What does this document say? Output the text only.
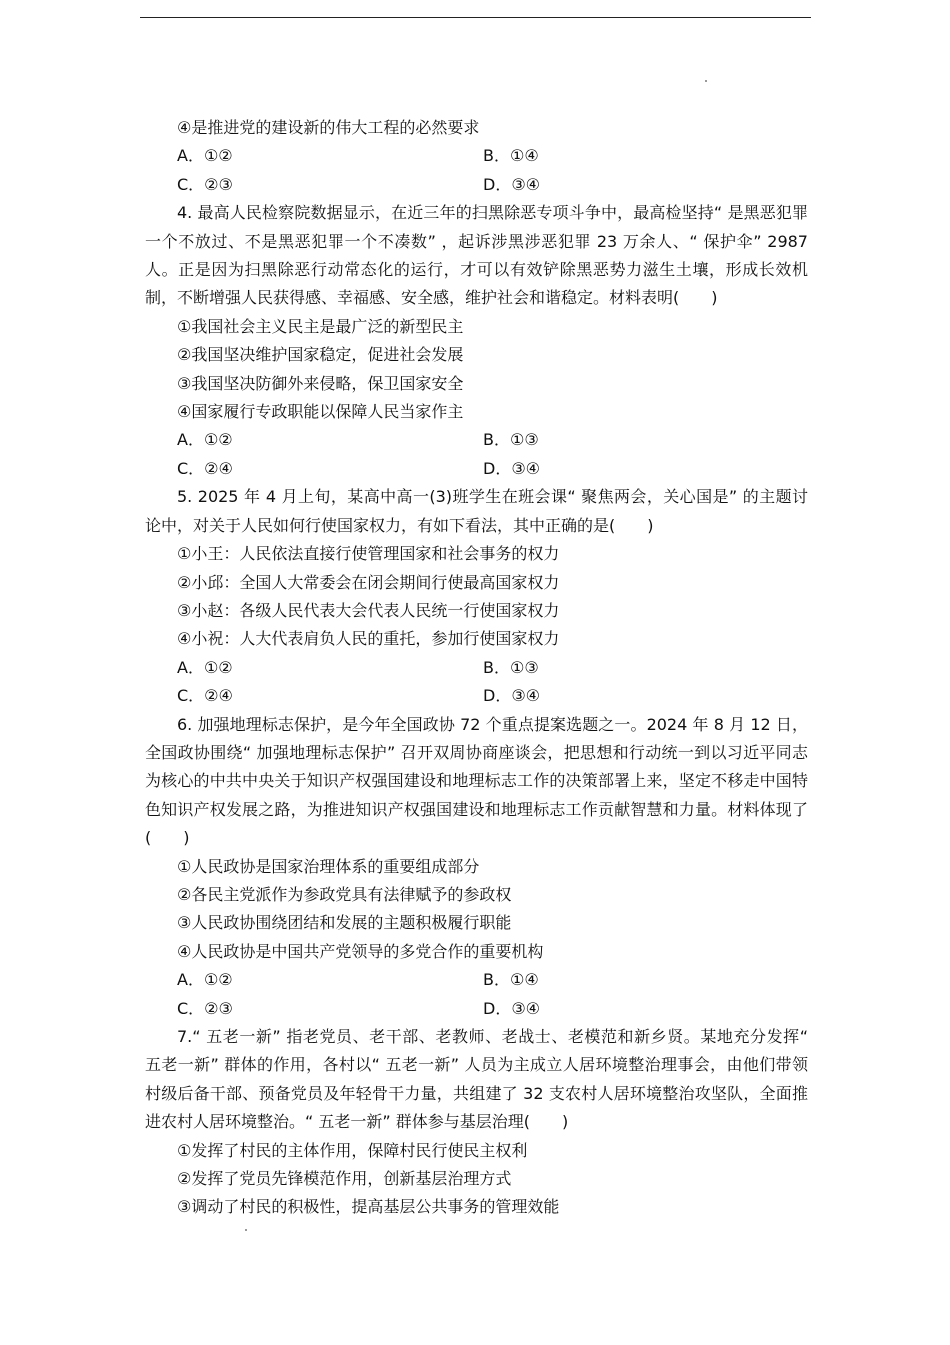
④是推进党的建设新的伟大工程的必然要求
A．①②	B．①④
C．②③	D．③④
4. 最高人民检察院数据显示，在近三年的扫黑除恶专项斗争中，最高检坚持“ 是黑恶犯罪一个不放过、不是黑恶犯罪一个不凑数” ，起诉涉黑涉恶犯罪 23 万余人、“ 保护伞” 2987 人。正是因为扫黑除恶行动常态化的运行，才可以有效铲除黑恶势力滋生土壤，形成长效机制，不断增强人民获得感、幸福感、安全感，维护社会和谐稳定。材料表明(　　)
①我国社会主义民主是最广泛的新型民主
②我国坚决维护国家稳定，促进社会发展
③我国坚决防御外来侵略，保卫国家安全
④国家履行专政职能以保障人民当家作主
A．①②	B．①③
C．②④	D．③④
5. 2025 年 4 月上旬，某高中高一(3)班学生在班会课“ 聚焦两会，关心国是” 的主题讨论中，对关于人民如何行使国家权力，有如下看法，其中正确的是(　　)
①小王：人民依法直接行使管理国家和社会事务的权力
②小邱：全国人大常委会在闭会期间行使最高国家权力
③小赵：各级人民代表大会代表人民统一行使国家权力
④小祝：人大代表肩负人民的重托，参加行使国家权力
A．①②	B．①③
C．②④	D．③④
6. 加强地理标志保护，是今年全国政协 72 个重点提案选题之一。2024 年 8 月 12 日，全国政协围绕“ 加强地理标志保护” 召开双周协商座谈会，把思想和行动统一到以习近平同志为核心的中共中央关于知识产权强国建设和地理标志工作的决策部署上来，坚定不移走中国特色知识产权发展之路，为推进知识产权强国建设和地理标志工作贡献智慧和力量。材料体现了(　　)
①人民政协是国家治理体系的重要组成部分
②各民主党派作为参政党具有法律赋予的参政权
③人民政协围绕团结和发展的主题积极履行职能
④人民政协是中国共产党领导的多党合作的重要机构
A．①②	B．①④
C．②③	D．③④
7.“ 五老一新” 指老党员、老干部、老教师、老战士、老模范和新乡贤。某地充分发挥“ 五老一新” 群体的作用，各村以“ 五老一新” 人员为主成立人居环境整治理事会，由他们带领村级后备干部、预备党员及年轻骨干力量，共组建了 32 支农村人居环境整治攻坚队，全面推进农村人居环境整治。“ 五老一新” 群体参与基层治理(　　)
①发挥了村民的主体作用，保障村民行使民主权利
②发挥了党员先锋模范作用，创新基层治理方式
③调动了村民的积极性，提高基层公共事务的管理效能
